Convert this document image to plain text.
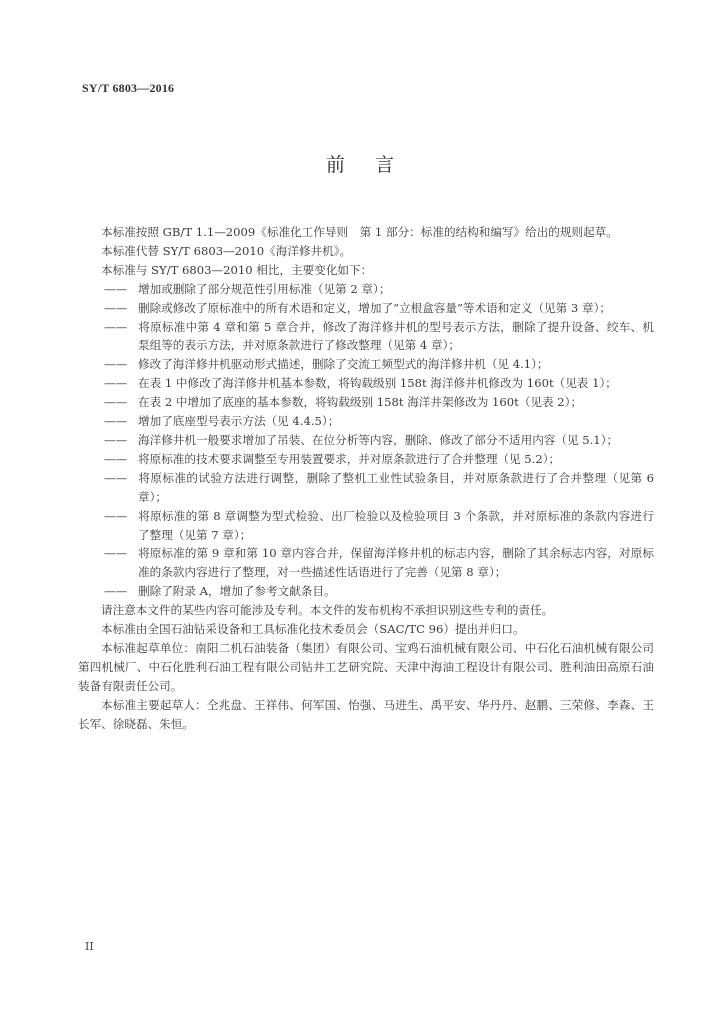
SY/T 6803—2016
前言

本标准按照 GB/T 1.1—2009《标准化工作导则　第 1 部分：标准的结构和编写》给出的规则起草。

本标准代替 SY/T 6803—2010《海洋修井机》。

本标准与 SY/T 6803—2010 相比，主要变化如下：

—— 增加或删除了部分规范性引用标准（见第 2 章）；

—— 删除或修改了原标准中的所有术语和定义，增加了“立根盒容量”等术语和定义（见第 3 章）；

—— 将原标准中第 4 章和第 5 章合并，修改了海洋修井机的型号表示方法，删除了提升设备、绞车、机泵组等的表示方法，并对原条款进行了修改整理（见第 4 章）；

—— 修改了海洋修井机驱动形式描述，删除了交流工频型式的海洋修井机（见 4.1）；

—— 在表 1 中修改了海洋修井机基本参数，将钩载级别 158t 海洋修井机修改为 160t（见表 1）；

—— 在表 2 中增加了底座的基本参数，将钩载级别 158t 海洋井架修改为 160t（见表 2）；

—— 增加了底座型号表示方法（见 4.4.5）；

—— 海洋修井机一般要求增加了吊装、在位分析等内容，删除、修改了部分不适用内容（见 5.1）；

—— 将原标准的技术要求调整至专用装置要求，并对原条款进行了合并整理（见 5.2）；

—— 将原标准的试验方法进行调整，删除了整机工业性试验条目，并对原条款进行了合并整理（见第 6 章）；

—— 将原标准的第 8 章调整为型式检验、出厂检验以及检验项目 3 个条款，并对原标准的条款内容进行了整理（见第 7 章）；

—— 将原标准的第 9 章和第 10 章内容合并，保留海洋修井机的标志内容，删除了其余标志内容，对原标准的条款内容进行了整理，对一些描述性话语进行了完善（见第 8 章）；

—— 删除了附录 A，增加了参考文献条目。

请注意本文件的某些内容可能涉及专利。本文件的发布机构不承担识别这些专利的责任。

本标准由全国石油钻采设备和工具标准化技术委员会（SAC/TC 96）提出并归口。

本标准起草单位：南阳二机石油装备（集团）有限公司、宝鸡石油机械有限公司、中石化石油机械有限公司第四机械厂、中石化胜利石油工程有限公司钻井工艺研究院、天津中海油工程设计有限公司、胜利油田高原石油装备有限责任公司。

本标准主要起草人：仝兆盘、王祥伟、何军国、怡强、马进生、禹平安、华丹丹、赵鹏、三荣修、李森、王长军、徐晓磊、朱恒。

II
